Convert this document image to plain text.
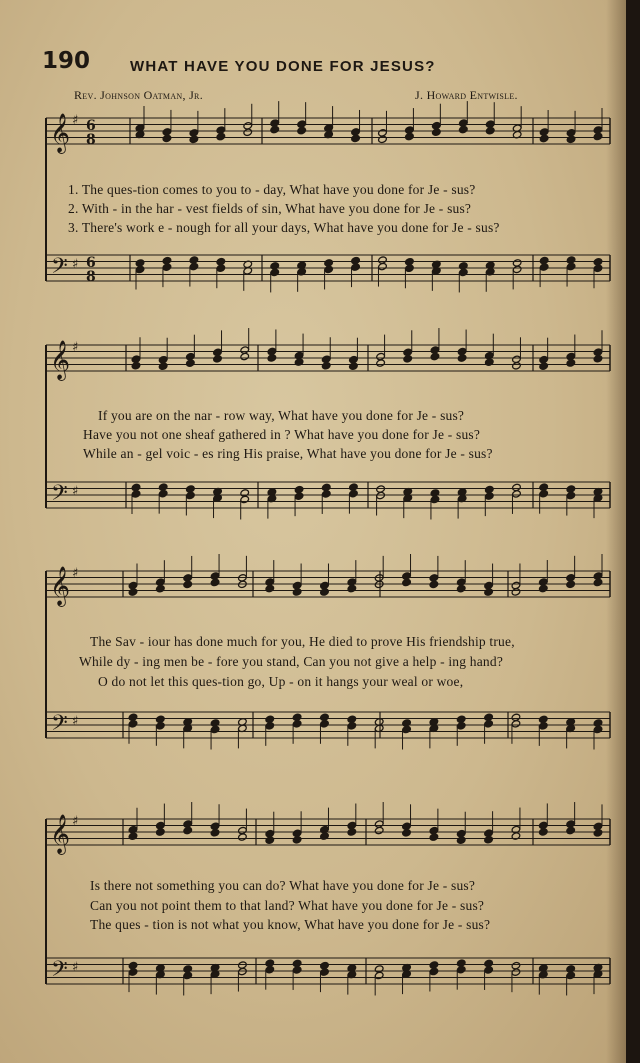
190	WHAT HAVE YOU DONE FOR JESUS?
Rev. Johnson Oatman, Jr.	J. Howard Entwisle.
𝄞
𝄢
♯
♯
6
8
6
8
𝄞
𝄢
♯
♯
𝄞
𝄢
♯
♯
𝄞
𝄢
♯
♯
1. The ques-tion comes to you to - day, What have you done for Je - sus?
2. With - in the har - vest fields of sin, What have you done for Je - sus?
3. There's work e - nough for all your days, What have you done for Je - sus?
If you are on the nar - row way, What have you done for Je - sus?
Have you not one sheaf gathered in ? What have you done for Je - sus?
While an - gel voic - es ring His praise, What have you done for Je - sus?
The Sav - iour has done much for you, He died to prove His friendship true,
While dy - ing men be - fore you stand, Can you not give a help - ing hand?
O do not let this ques-tion go, Up - on it hangs your weal or woe,
Is there not something you can do? What have you done for Je - sus?
Can you not point them to that land? What have you done for Je - sus?
The ques - tion is not what you know, What have you done for Je - sus?
